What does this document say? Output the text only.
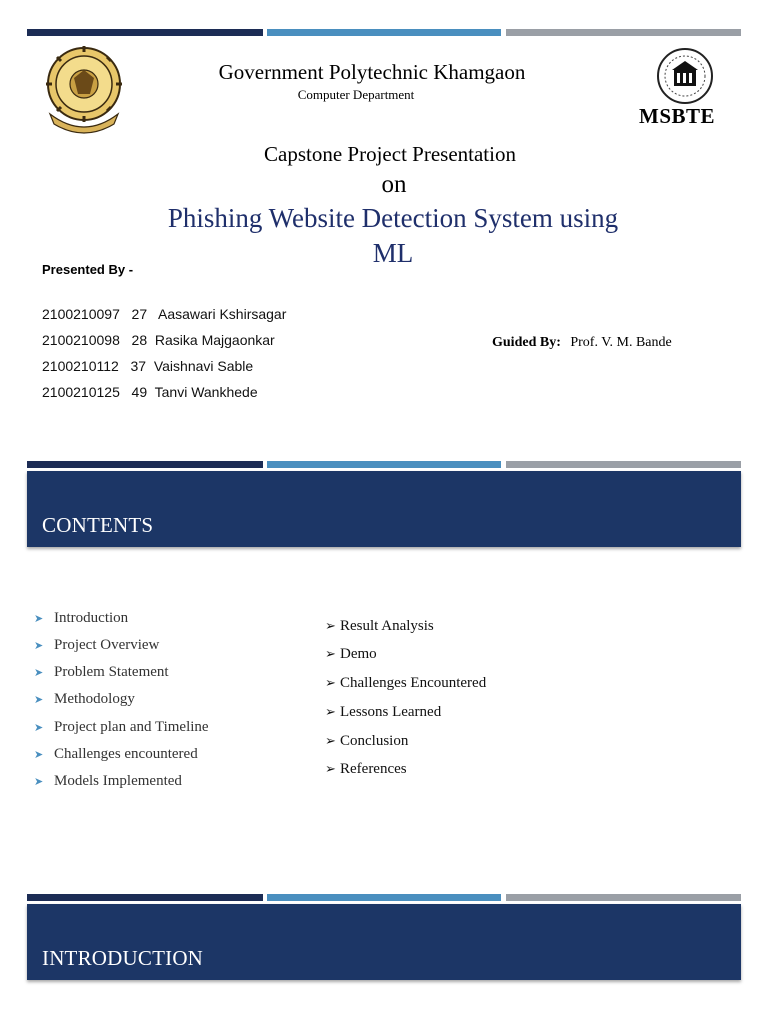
Government Polytechnic Khamgaon
Computer Department
MSBTE
Capstone Project Presentation
on
Phishing Website Detection System using
ML
Presented By -
2100210097   27   Aasawari Kshirsagar
2100210098   28  Rasika Majgaonkar
2100210112   37  Vaishnavi Sable
2100210125   49  Tanvi Wankhede
Guided By: Prof. V. M. Bande
CONTENTS
➤ Introduction
➤ Project Overview
➤ Problem Statement
➤ Methodology
➤ Project plan and Timeline
➤ Challenges encountered
➤ Models Implemented
➢ Result Analysis
➢ Demo
➢ Challenges Encountered
➢ Lessons Learned
➢ Conclusion
➢ References
INTRODUCTION
